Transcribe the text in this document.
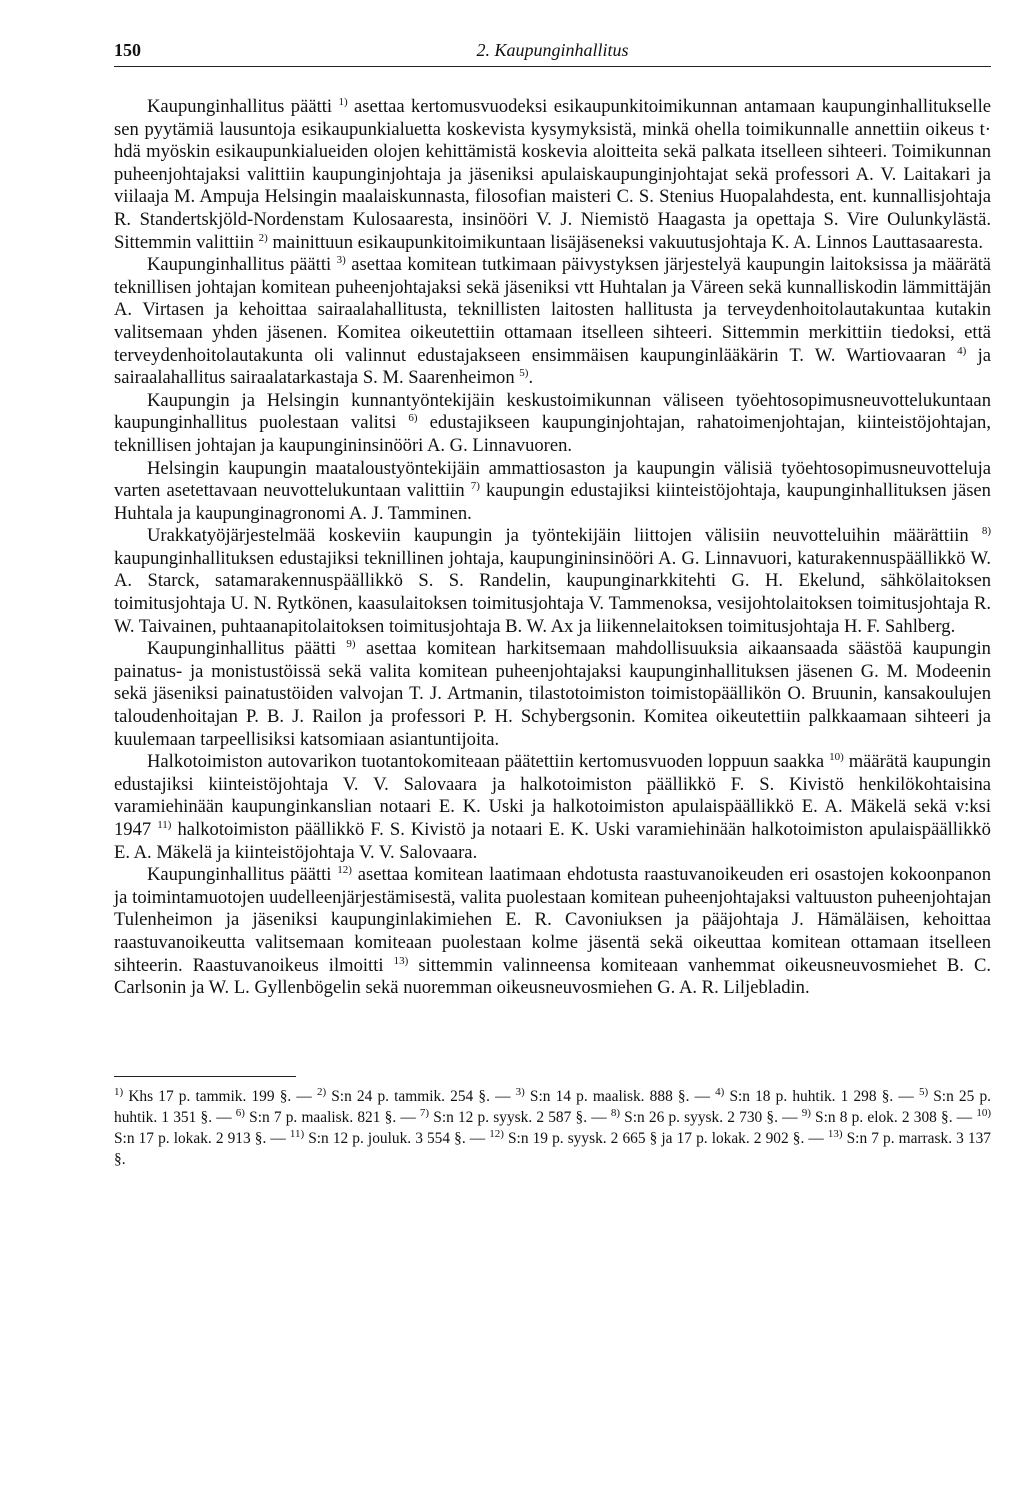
150	2. Kaupunginhallitus

Kaupunginhallitus päätti $^{1)}$ asettaa kertomusvuodeksi esikaupunkitoimikunnan antamaan kaupunginhallitukselle sen pyytämiä lausuntoja esikaupunkialuetta koskevista kysymyksistä, minkä ohella toimikunnalle annettiin oikeus t· hdä myöskin esikaupunkialueiden olojen kehittämistä koskevia aloitteita sekä palkata itselleen sihteeri. Toimikunnan puheenjohtajaksi valittiin kaupunginjohtaja ja jäseniksi apulaiskaupunginjohtajat sekä professori A. V. Laitakari ja viilaaja M. Ampuja Helsingin maalaiskunnasta, filosofian maisteri C. S. Stenius Huopalahdesta, ent. kunnallisjohtaja R. Standertskjöld-Nordenstam Kulosaaresta, insinööri V. J. Niemistö Haagasta ja opettaja S. Vire Oulunkylästä. Sittemmin valittiin $^{2)}$ mainittuun esikaupunkitoimikuntaan lisäjäseneksi vakuutusjohtaja K. A. Linnos Lauttasaaresta.

Kaupunginhallitus päätti $^{3)}$ asettaa komitean tutkimaan päivystyksen järjestelyä kaupungin laitoksissa ja määrätä teknillisen johtajan komitean puheenjohtajaksi sekä jäseniksi vtt Huhtalan ja Väreen sekä kunnalliskodin lämmittäjän A. Virtasen ja kehoittaa sairaalahallitusta, teknillisten laitosten hallitusta ja terveydenhoitolautakuntaa kutakin valitsemaan yhden jäsenen. Komitea oikeutettiin ottamaan itselleen sihteeri. Sittemmin merkittiin tiedoksi, että terveydenhoitolautakunta oli valinnut edustajakseen ensimmäisen kaupunginlääkärin T. W. Wartiovaaran $^{4)}$ ja sairaalahallitus sairaalatarkastaja S. M. Saarenheimon $^{5)}$.

Kaupungin ja Helsingin kunnantyöntekijäin keskustoimikunnan väliseen työehtosopimusneuvottelukuntaan kaupunginhallitus puolestaan valitsi $^{6)}$ edustajikseen kaupunginjohtajan, rahatoimenjohtajan, kiinteistöjohtajan, teknillisen johtajan ja kaupungininsinööri A. G. Linnavuoren.

Helsingin kaupungin maataloustyöntekijäin ammattiosaston ja kaupungin välisiä työehtosopimusneuvotteluja varten asetettavaan neuvottelukuntaan valittiin $^{7)}$ kaupungin edustajiksi kiinteistöjohtaja, kaupunginhallituksen jäsen Huhtala ja kaupunginagronomi A. J. Tamminen.

Urakkatyöjärjestelmää koskeviin kaupungin ja työntekijäin liittojen välisiin neuvotteluihin määrättiin $^{8)}$ kaupunginhallituksen edustajiksi teknillinen johtaja, kaupungininsinööri A. G. Linnavuori, katurakennuspäällikkö W. A. Starck, satamarakennuspäällikkö S. S. Randelin, kaupunginarkkitehti G. H. Ekelund, sähkölaitoksen toimitusjohtaja U. N. Rytkönen, kaasulaitoksen toimitusjohtaja V. Tammenoksa, vesijohtolaitoksen toimitusjohtaja R. W. Taivainen, puhtaanapitolaitoksen toimitusjohtaja B. W. Ax ja liikennelaitoksen toimitusjohtaja H. F. Sahlberg.

Kaupunginhallitus päätti $^{9)}$ asettaa komitean harkitsemaan mahdollisuuksia aikaansaada säästöä kaupungin painatus- ja monistustöissä sekä valita komitean puheenjohtajaksi kaupunginhallituksen jäsenen G. M. Modeenin sekä jäseniksi painatustöiden valvojan T. J. Artmanin, tilastotoimiston toimistopäällikön O. Bruunin, kansakoulujen taloudenhoitajan P. B. J. Railon ja professori P. H. Schybergsonin. Komitea oikeutettiin palkkaamaan sihteeri ja kuulemaan tarpeellisiksi katsomiaan asiantuntijoita.

Halkotoimiston autovarikon tuotantokomiteaan päätettiin kertomusvuoden loppuun saakka $^{10)}$ määrätä kaupungin edustajiksi kiinteistöjohtaja V. V. Salovaara ja halkotoimiston päällikkö F. S. Kivistö henkilökohtaisina varamiehinään kaupunginkanslian notaari E. K. Uski ja halkotoimiston apulaispäällikkö E. A. Mäkelä sekä v:ksi 1947 $^{11)}$ halkotoimiston päällikkö F. S. Kivistö ja notaari E. K. Uski varamiehinään halkotoimiston apulaispäällikkö E. A. Mäkelä ja kiinteistöjohtaja V. V. Salovaara.

Kaupunginhallitus päätti $^{12)}$ asettaa komitean laatimaan ehdotusta raastuvanoikeuden eri osastojen kokoonpanon ja toimintamuotojen uudelleenjärjestämisestä, valita puolestaan komitean puheenjohtajaksi valtuuston puheenjohtajan Tulenheimon ja jäseniksi kaupunginlakimiehen E. R. Cavoniuksen ja pääjohtaja J. Hämäläisen, kehoittaa raastuvanoikeutta valitsemaan komiteaan puolestaan kolme jäsentä sekä oikeuttaa komitean ottamaan itselleen sihteerin. Raastuvanoikeus ilmoitti $^{13)}$ sittemmin valinneensa komiteaan vanhemmat oikeusneuvosmiehet B. C. Carlsonin ja W. L. Gyllenbögelin sekä nuoremman oikeusneuvosmiehen G. A. R. Liljebladin.

$^{1)}$ Khs 17 p. tammik. 199 §. — $^{2)}$ S:n 24 p. tammik. 254 §. — $^{3)}$ S:n 14 p. maalisk. 888 §. — $^{4)}$ S:n 18 p. huhtik. 1 298 §. — $^{5)}$ S:n 25 p. huhtik. 1 351 §. — $^{6)}$ S:n 7 p. maalisk. 821 §. — $^{7)}$ S:n 12 p. syysk. 2 587 §. — $^{8)}$ S:n 26 p. syysk. 2 730 §. — $^{9)}$ S:n 8 p. elok. 2 308 §. — $^{10)}$ S:n 17 p. lokak. 2 913 §. — $^{11)}$ S:n 12 p. jouluk. 3 554 §. — $^{12)}$ S:n 19 p. syysk. 2 665 § ja 17 p. lokak. 2 902 §. — $^{13)}$ S:n 7 p. marrask. 3 137 §.
